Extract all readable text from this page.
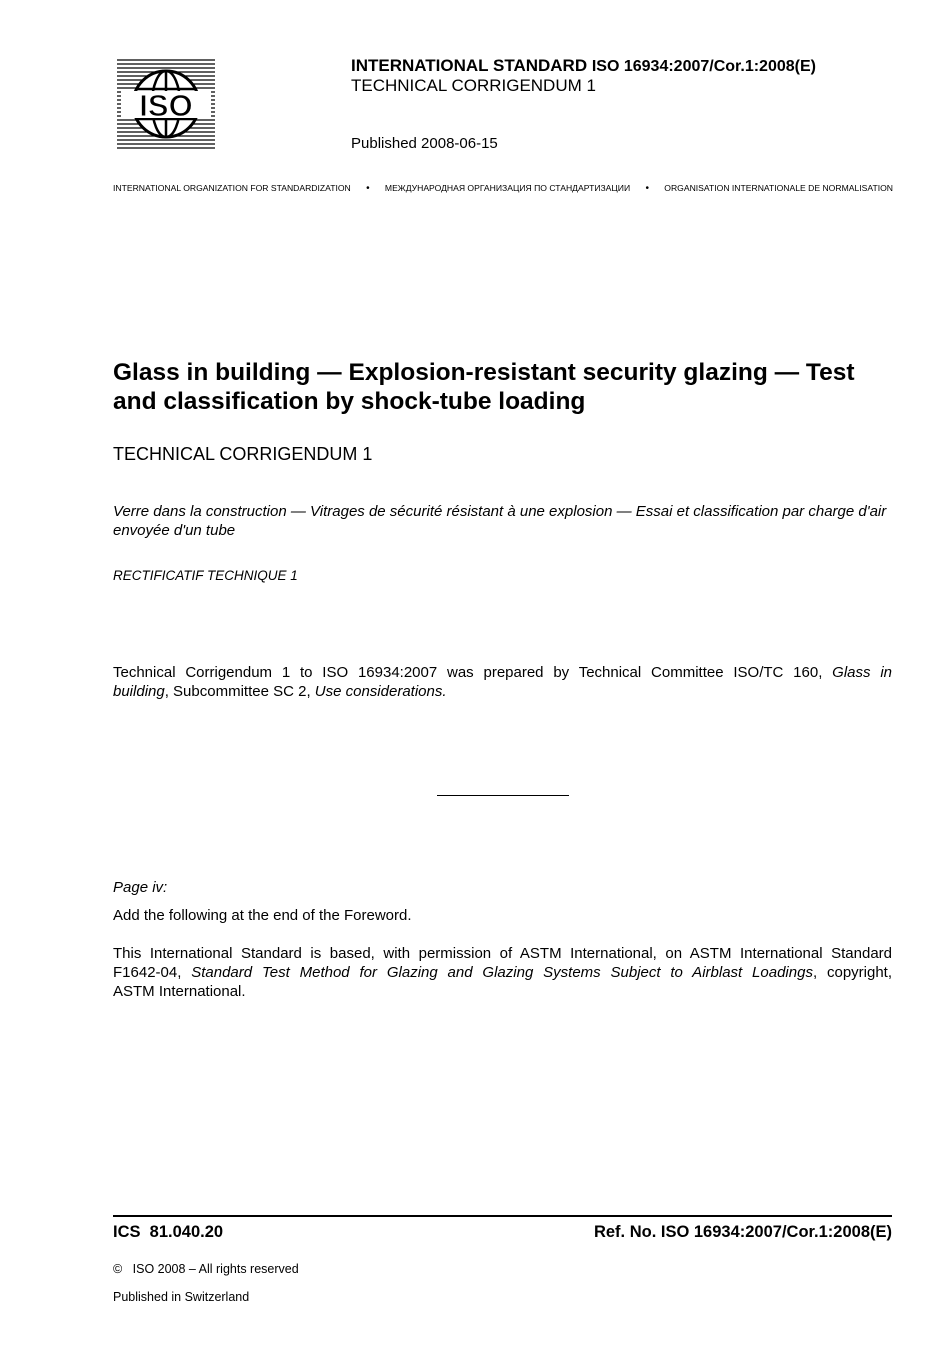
ISO
INTERNATIONAL STANDARD ISO 16934:2007/Cor.1:2008(E)
TECHNICAL CORRIGENDUM 1
Published 2008-06-15
INTERNATIONAL ORGANIZATION FOR STANDARDIZATION • МЕЖДУНАРОДНАЯ ОРГАНИЗАЦИЯ ПО СТАНДАРТИЗАЦИИ • ORGANISATION INTERNATIONALE DE NORMALISATION
Glass in building — Explosion-resistant security glazing — Test and classification by shock-tube loading
TECHNICAL CORRIGENDUM 1
Verre dans la construction — Vitrages de sécurité résistant à une explosion — Essai et classification par charge d'air envoyée d'un tube
RECTIFICATIF TECHNIQUE 1
Technical Corrigendum 1 to ISO 16934:2007 was prepared by Technical Committee ISO/TC 160, Glass in
building, Subcommittee SC 2, Use considerations.
Page iv:
Add the following at the end of the Foreword.
This International Standard is based, with permission of ASTM International, on ASTM International Standard
F1642-04, Standard Test Method for Glazing and Glazing Systems Subject to Airblast Loadings, copyright,
ASTM International.
ICS  81.040.20	Ref. No. ISO 16934:2007/Cor.1:2008(E)
©   ISO 2008 – All rights reserved
Published in Switzerland
